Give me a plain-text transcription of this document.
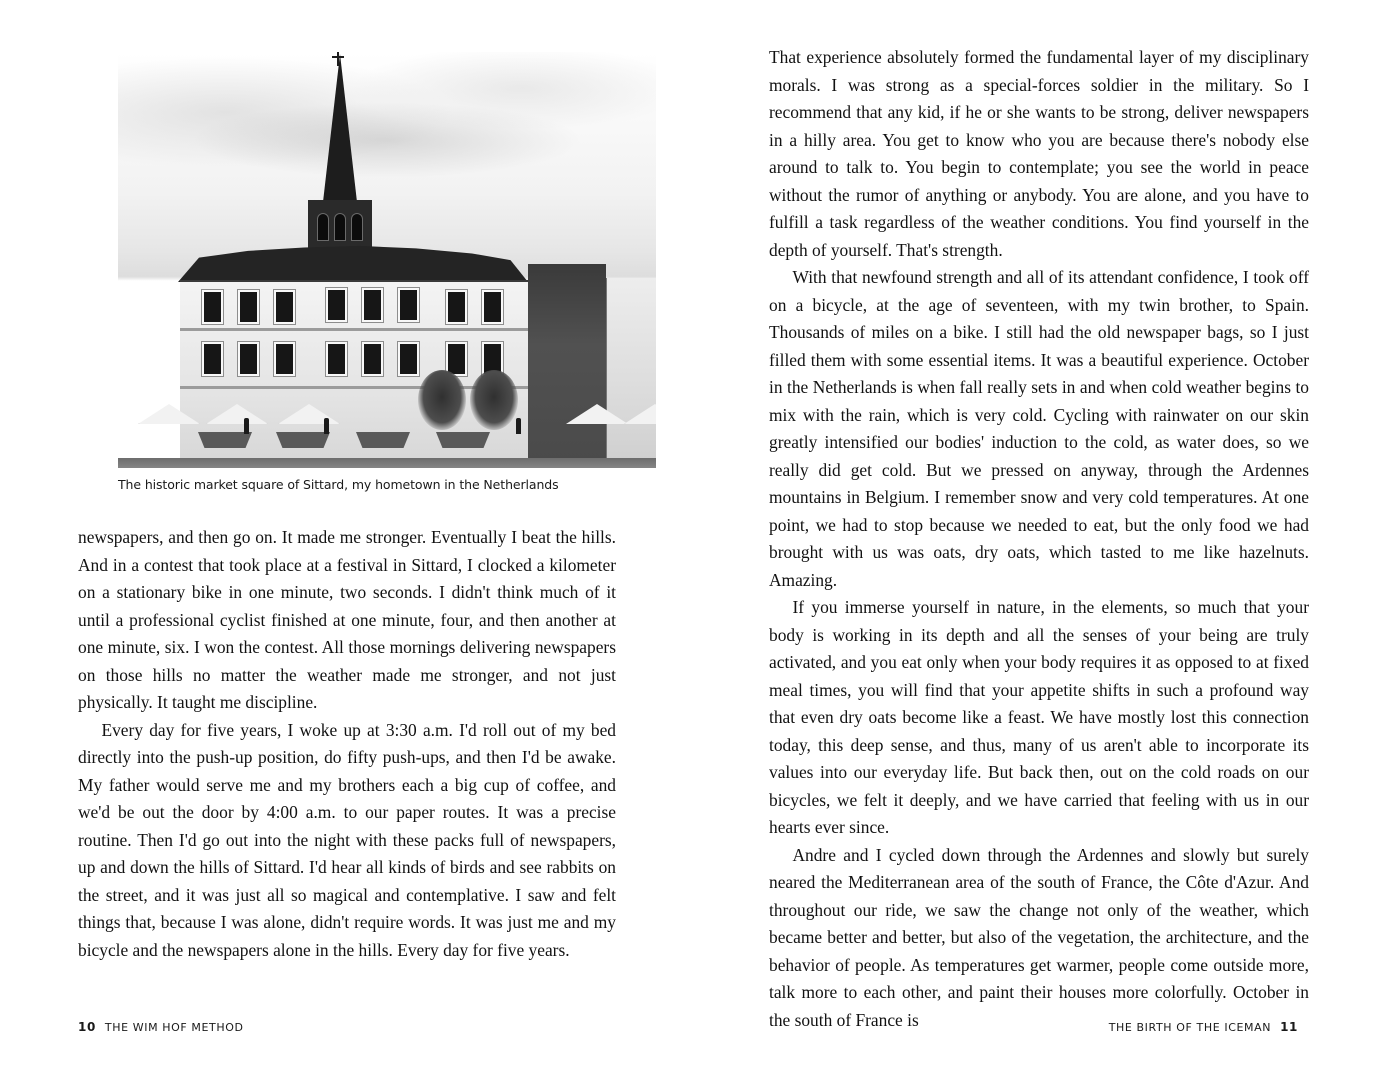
The historic market square of Sittard, my hometown in the Netherlands

newspapers, and then go on. It made me stronger. Eventually I beat the hills. And in a contest that took place at a festival in Sittard, I clocked a kilometer on a stationary bike in one minute, two seconds. I didn't think much of it until a professional cyclist finished at one minute, four, and then another at one minute, six. I won the contest. All those mornings delivering newspapers on those hills no matter the weather made me stronger, and not just physically. It taught me discipline.

Every day for five years, I woke up at 3:30 a.m. I'd roll out of my bed directly into the push-up position, do fifty push-ups, and then I'd be awake. My father would serve me and my brothers each a big cup of coffee, and we'd be out the door by 4:00 a.m. to our paper routes. It was a precise routine. Then I'd go out into the night with these packs full of newspapers, up and down the hills of Sittard. I'd hear all kinds of birds and see rabbits on the street, and it was just all so magical and contemplative. I saw and felt things that, because I was alone, didn't require words. It was just me and my bicycle and the newspapers alone in the hills. Every day for five years.

10 THE WIM HOF METHOD

That experience absolutely formed the fundamental layer of my disciplinary morals. I was strong as a special-forces soldier in the military. So I recommend that any kid, if he or she wants to be strong, deliver newspapers in a hilly area. You get to know who you are because there's nobody else around to talk to. You begin to contemplate; you see the world in peace without the rumor of anything or anybody. You are alone, and you have to fulfill a task regardless of the weather conditions. You find yourself in the depth of yourself. That's strength.

With that newfound strength and all of its attendant confidence, I took off on a bicycle, at the age of seventeen, with my twin brother, to Spain. Thousands of miles on a bike. I still had the old newspaper bags, so I just filled them with some essential items. It was a beautiful experience. October in the Netherlands is when fall really sets in and when cold weather begins to mix with the rain, which is very cold. Cycling with rainwater on our skin greatly intensified our bodies' induction to the cold, as water does, so we really did get cold. But we pressed on anyway, through the Ardennes mountains in Belgium. I remember snow and very cold temperatures. At one point, we had to stop because we needed to eat, but the only food we had brought with us was oats, dry oats, which tasted to me like hazelnuts. Amazing.

If you immerse yourself in nature, in the elements, so much that your body is working in its depth and all the senses of your being are truly activated, and you eat only when your body requires it as opposed to at fixed meal times, you will find that your appetite shifts in such a profound way that even dry oats become like a feast. We have mostly lost this connection today, this deep sense, and thus, many of us aren't able to incorporate its values into our everyday life. But back then, out on the cold roads on our bicycles, we felt it deeply, and we have carried that feeling with us in our hearts ever since.

Andre and I cycled down through the Ardennes and slowly but surely neared the Mediterranean area of the south of France, the Côte d'Azur. And throughout our ride, we saw the change not only of the weather, which became better and better, but also of the vegetation, the architecture, and the behavior of people. As temperatures get warmer, people come outside more, talk more to each other, and paint their houses more colorfully. October in the south of France is	THE BIRTH OF THE ICEMAN 11
